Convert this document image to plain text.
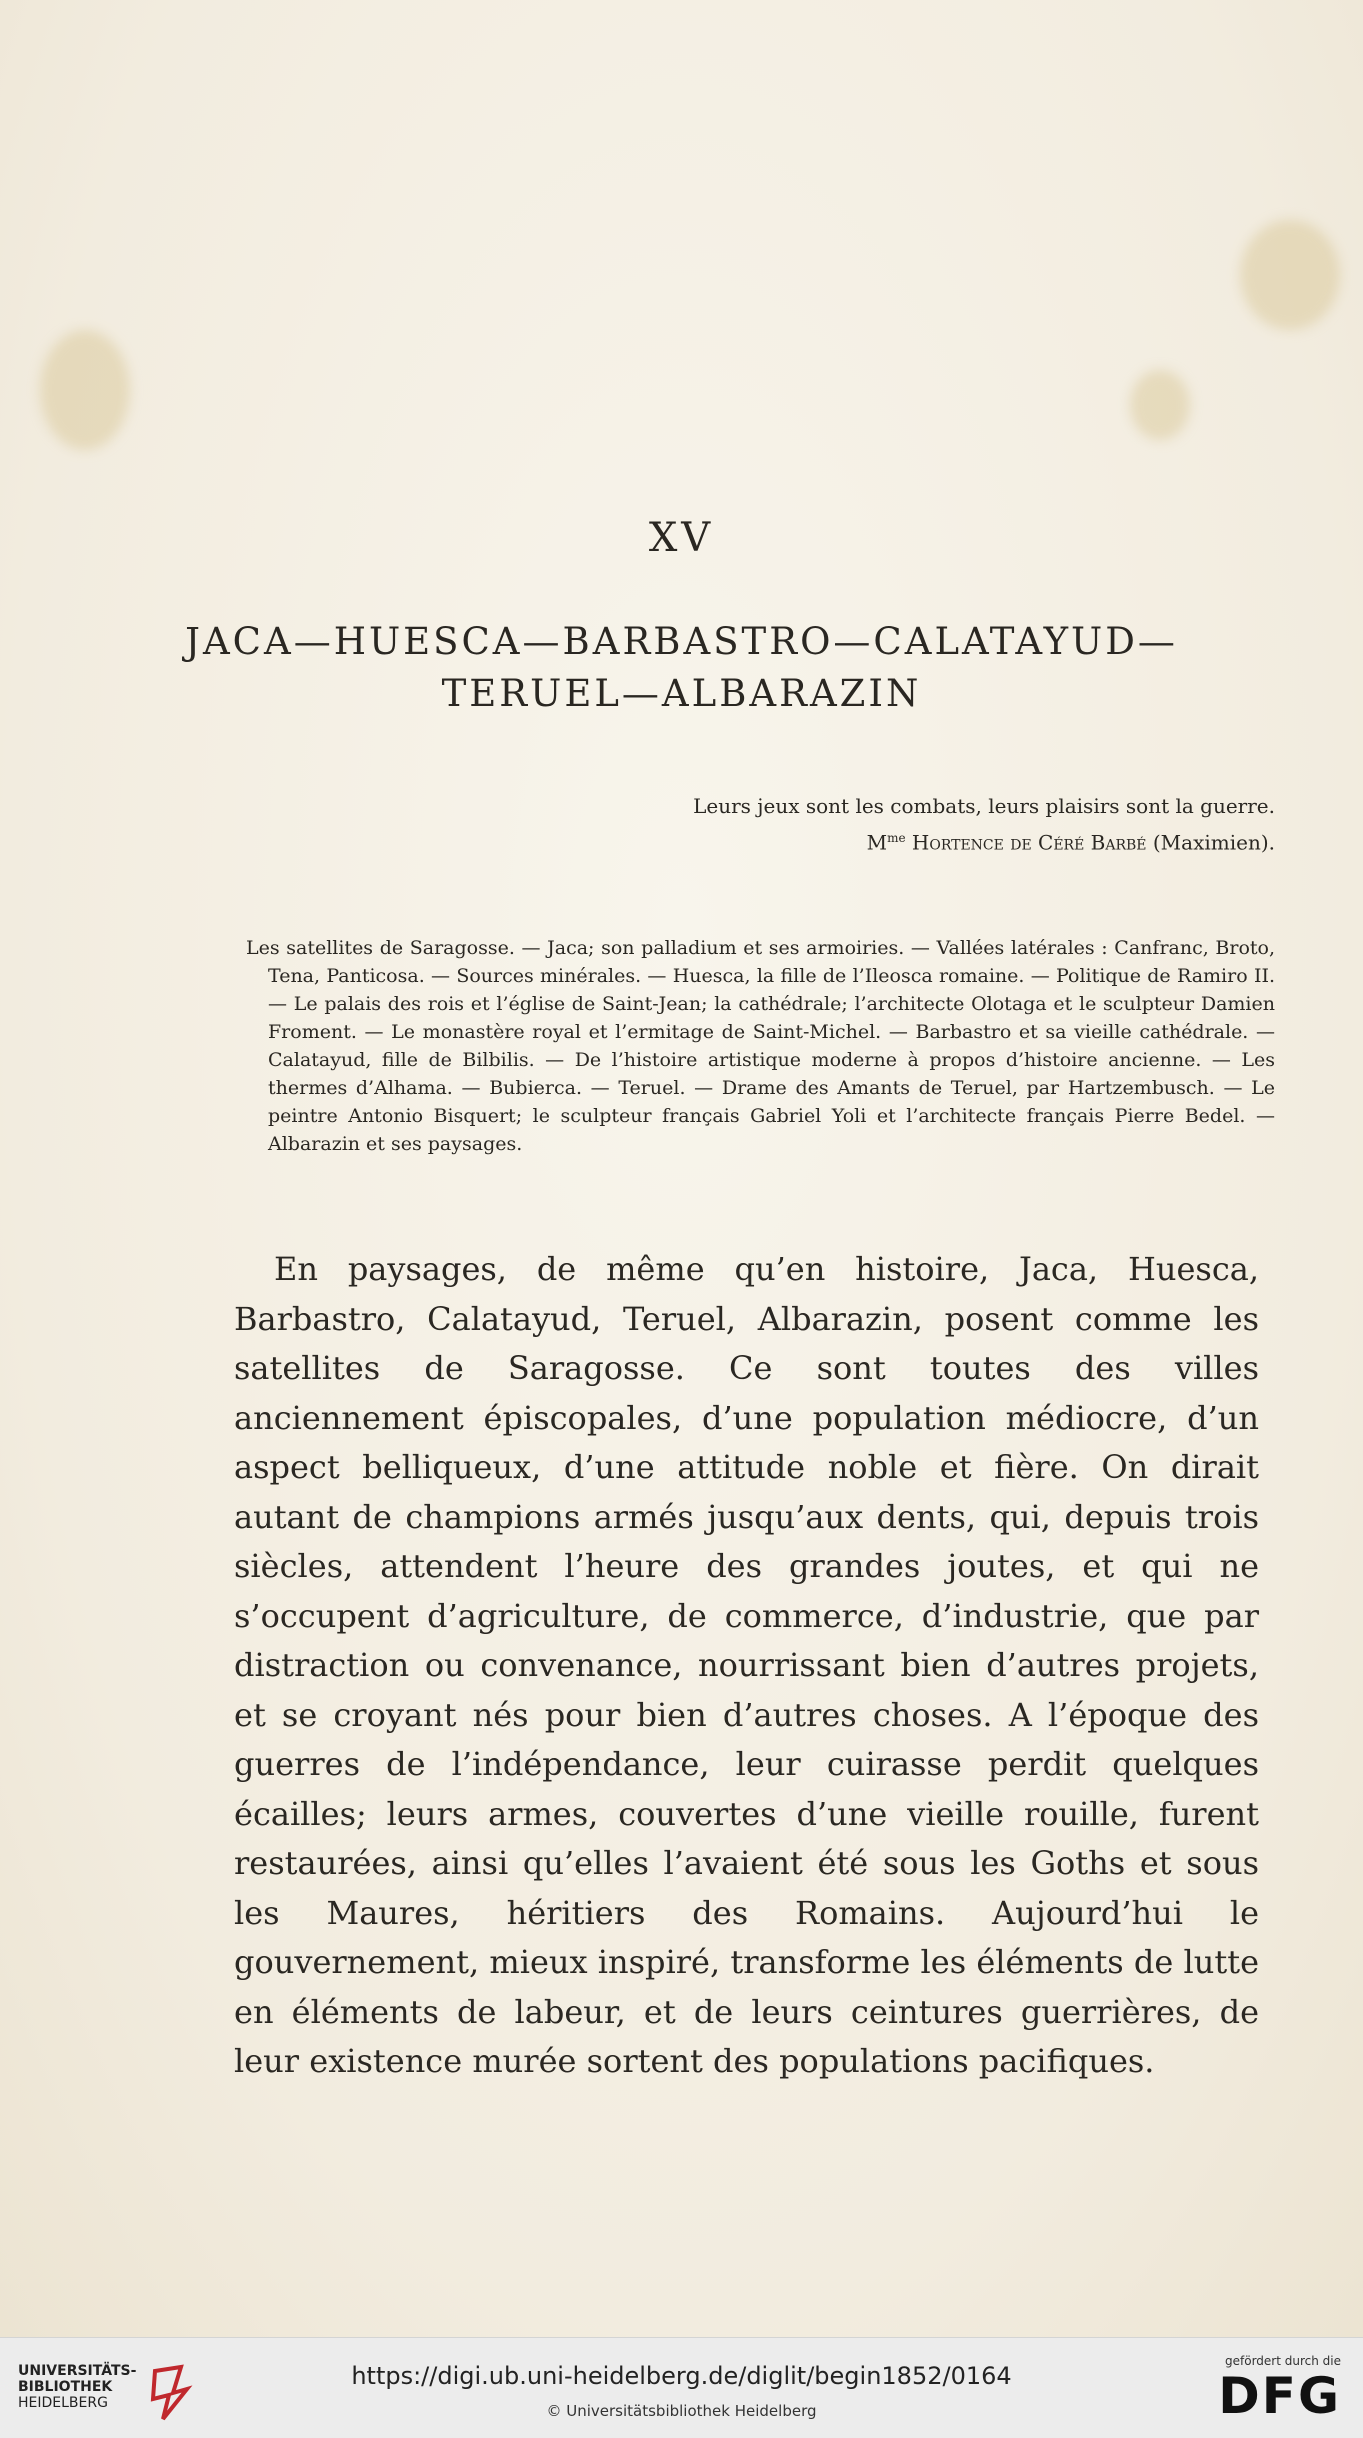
XV
JACA—HUESCA—BARBASTRO—CALATAYUD—
TERUEL—ALBARAZIN
Leurs jeux sont les combats, leurs plaisirs sont la guerre.
$M^{me}$ Hortence de Céré Barbé (Maximien).

Les satellites de Saragosse. — Jaca; son palladium et ses armoiries. — Vallées latérales : Canfranc, Broto, Tena, Panticosa. — Sources minérales. — Huesca, la fille de l’Ileosca romaine. — Politique de Ramiro II. — Le palais des rois et l’église de Saint-Jean; la cathédrale; l’architecte Olotaga et le sculpteur Damien Froment. — Le monastère royal et l’ermitage de Saint-Michel. — Barbastro et sa vieille cathédrale. — Calatayud, fille de Bilbilis. — De l’histoire artistique moderne à propos d’histoire ancienne. — Les thermes d’Alhama. — Bubierca. — Teruel. — Drame des Amants de Teruel, par Hartzembusch. — Le peintre Antonio Bisquert; le sculpteur français Gabriel Yoli et l’architecte français Pierre Bedel. — Albarazin et ses paysages.

En paysages, de même qu’en histoire, Jaca, Huesca, Barbastro, Calatayud, Teruel, Albarazin, posent comme les satellites de Saragosse. Ce sont toutes des villes anciennement épiscopales, d’une population médiocre, d’un aspect belliqueux, d’une attitude noble et fière. On dirait autant de champions armés jusqu’aux dents, qui, depuis trois siècles, attendent l’heure des grandes joutes, et qui ne s’occupent d’agriculture, de commerce, d’industrie, que par distraction ou convenance, nourrissant bien d’autres projets, et se croyant nés pour bien d’autres choses. A l’époque des guerres de l’indépendance, leur cuirasse perdit quelques écailles; leurs armes, couvertes d’une vieille rouille, furent restaurées, ainsi qu’elles l’avaient été sous les Goths et sous les Maures, héritiers des Romains. Aujourd’hui le gouvernement, mieux inspiré, transforme les éléments de lutte en éléments de labeur, et de leurs ceintures guerrières, de leur existence murée sortent des populations pacifiques.

UNIVERSITÄTS-
BIBLIOTHEK
HEIDELBERG
https://digi.ub.uni-heidelberg.de/diglit/begin1852/0164
© Universitätsbibliothek Heidelberg
gefördert durch die
DFG
